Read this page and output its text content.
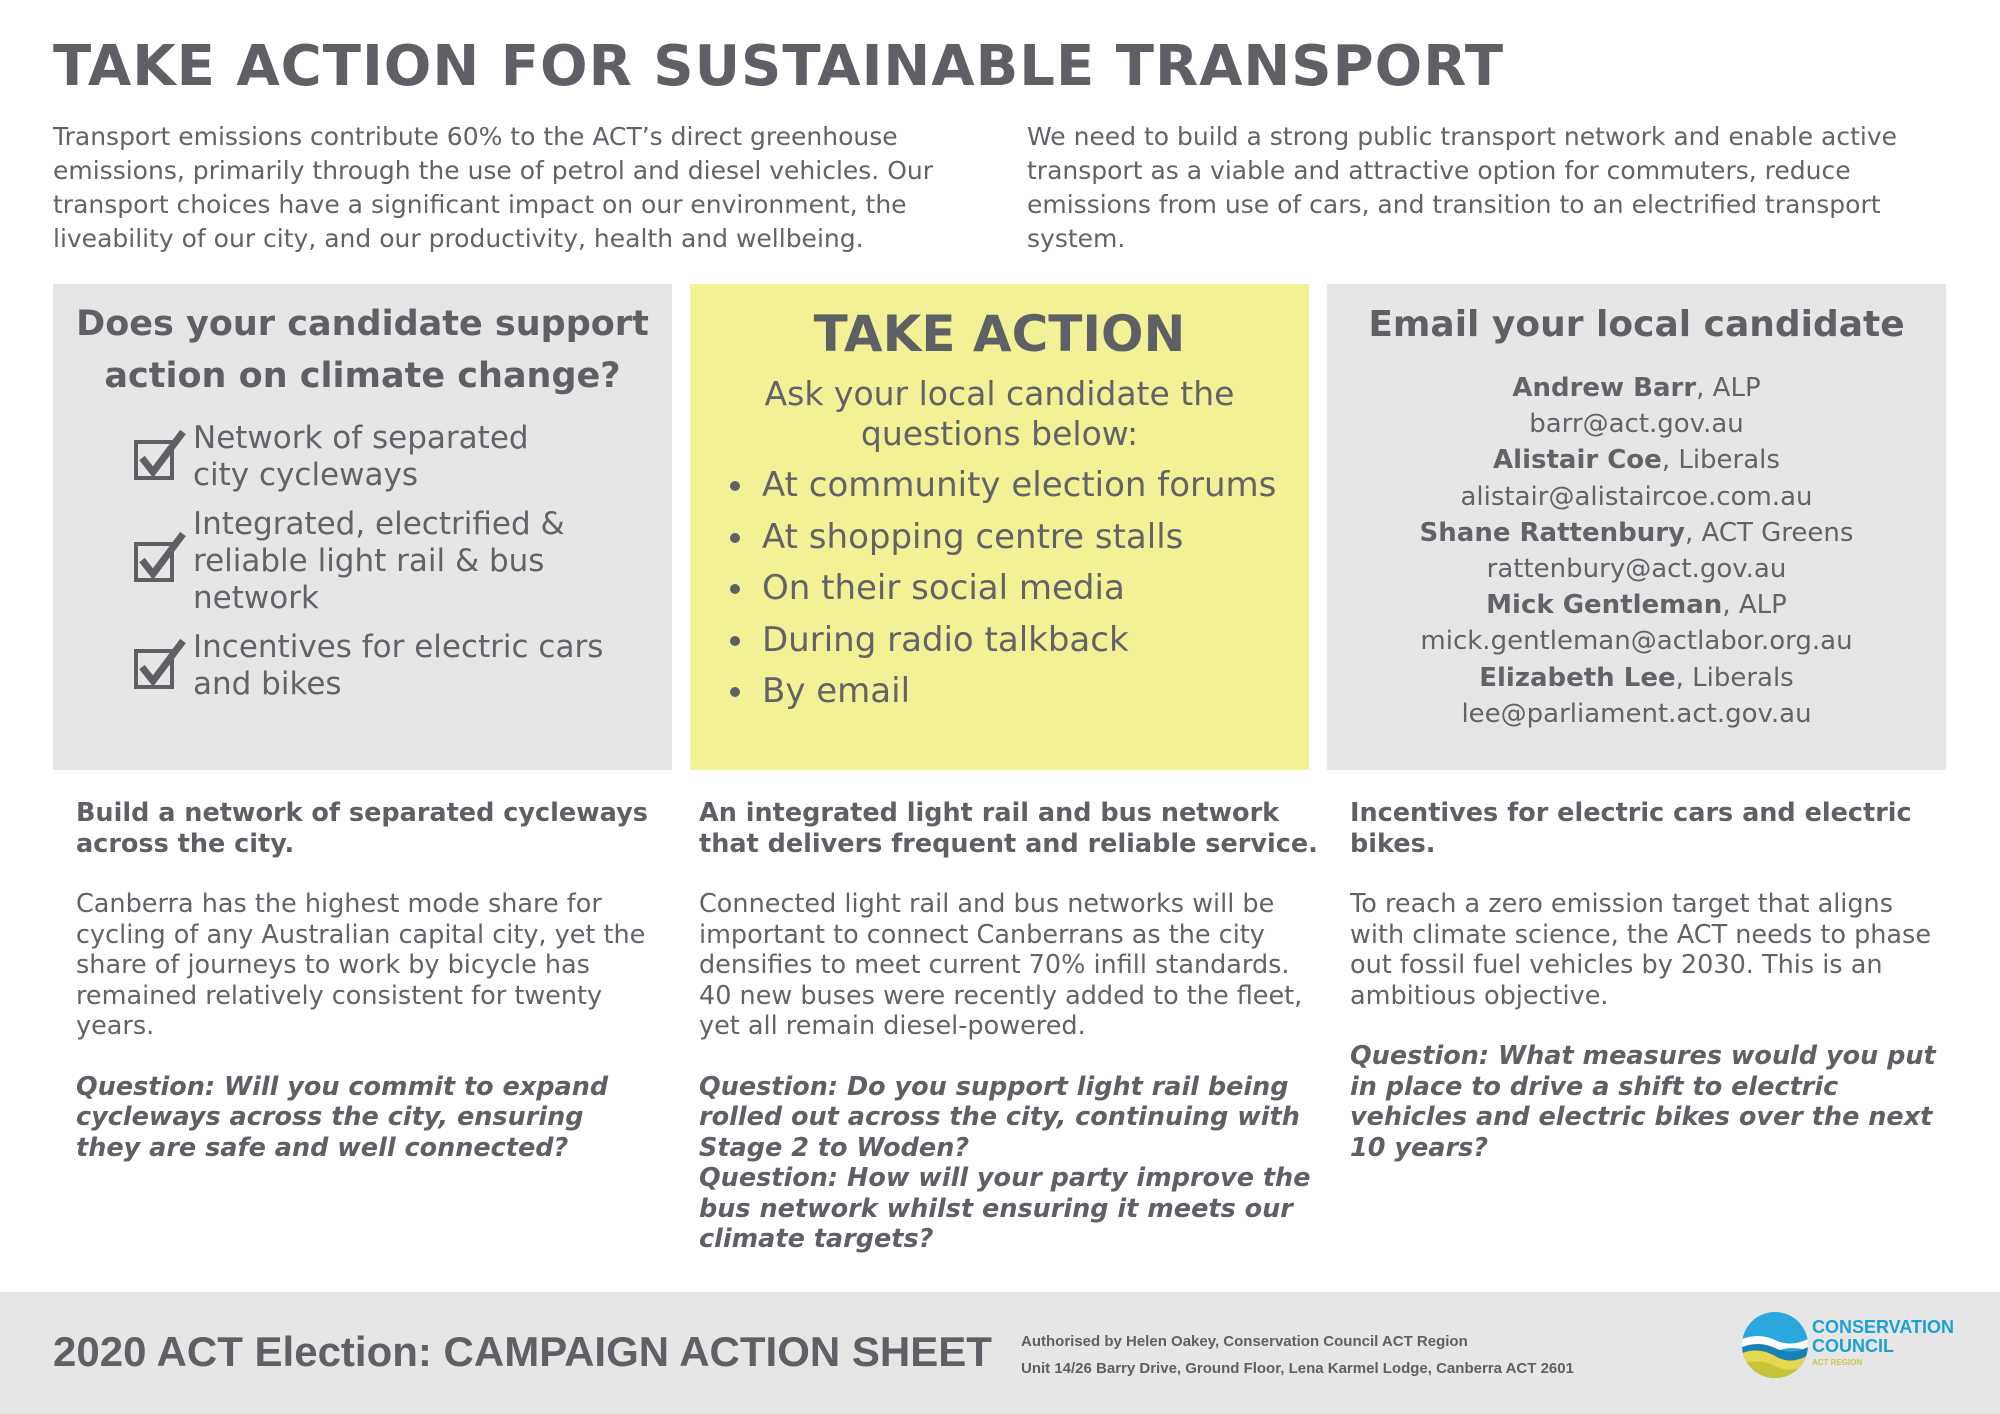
TAKE ACTION FOR SUSTAINABLE TRANSPORT
Transport emissions contribute 60% to the ACT’s direct greenhouse emissions, primarily through the use of petrol and diesel vehicles. Our transport choices have a significant impact on our environment, the liveability of our city, and our productivity, health and wellbeing.
We need to build a strong public transport network and enable active transport as a viable and attractive option for commuters, reduce emissions from use of cars, and transition to an electrified transport system.
Does your candidate support
action on climate change?
Network of separated
city cycleways
Integrated, electrified &
reliable light rail & bus
network
Incentives for electric cars
and bikes
TAKE ACTION
Ask your local candidate the
questions below:
At community election forums
At shopping centre stalls
On their social media
During radio talkback
By email
Email your local candidate
Andrew Barr, ALP
barr@act.gov.au
Alistair Coe, Liberals
alistair@alistaircoe.com.au
Shane Rattenbury, ACT Greens
rattenbury@act.gov.au
Mick Gentleman, ALP
mick.gentleman@actlabor.org.au
Elizabeth Lee, Liberals
lee@parliament.act.gov.au
Build a network of separated cycleways across the city.
Canberra has the highest mode share for cycling of any Australian capital city, yet the share of journeys to work by bicycle has remained relatively consistent for twenty years.
Question: Will you commit to expand cycleways across the city, ensuring they are safe and well connected?
An integrated light rail and bus network that delivers frequent and reliable service.
Connected light rail and bus networks will be important to connect Canberrans as the city densifies to meet current 70% infill standards. 40 new buses were recently added to the fleet, yet all remain diesel-powered.
Question: Do you support light rail being rolled out across the city, continuing with Stage 2 to Woden?
Question: How will your party improve the bus network whilst ensuring it meets our climate targets?
Incentives for electric cars and electric bikes.
To reach a zero emission target that aligns with climate science, the ACT needs to phase out fossil fuel vehicles by 2030. This is an ambitious objective.
Question: What measures would you put in place to drive a shift to electric vehicles and electric bikes over the next 10 years?
2020 ACT Election: CAMPAIGN ACTION SHEET Authorised by Helen Oakey, Conservation Council ACT Region
Unit 14/26 Barry Drive, Ground Floor, Lena Karmel Lodge, Canberra ACT 2601
CONSERVATION
COUNCIL
ACT REGION
